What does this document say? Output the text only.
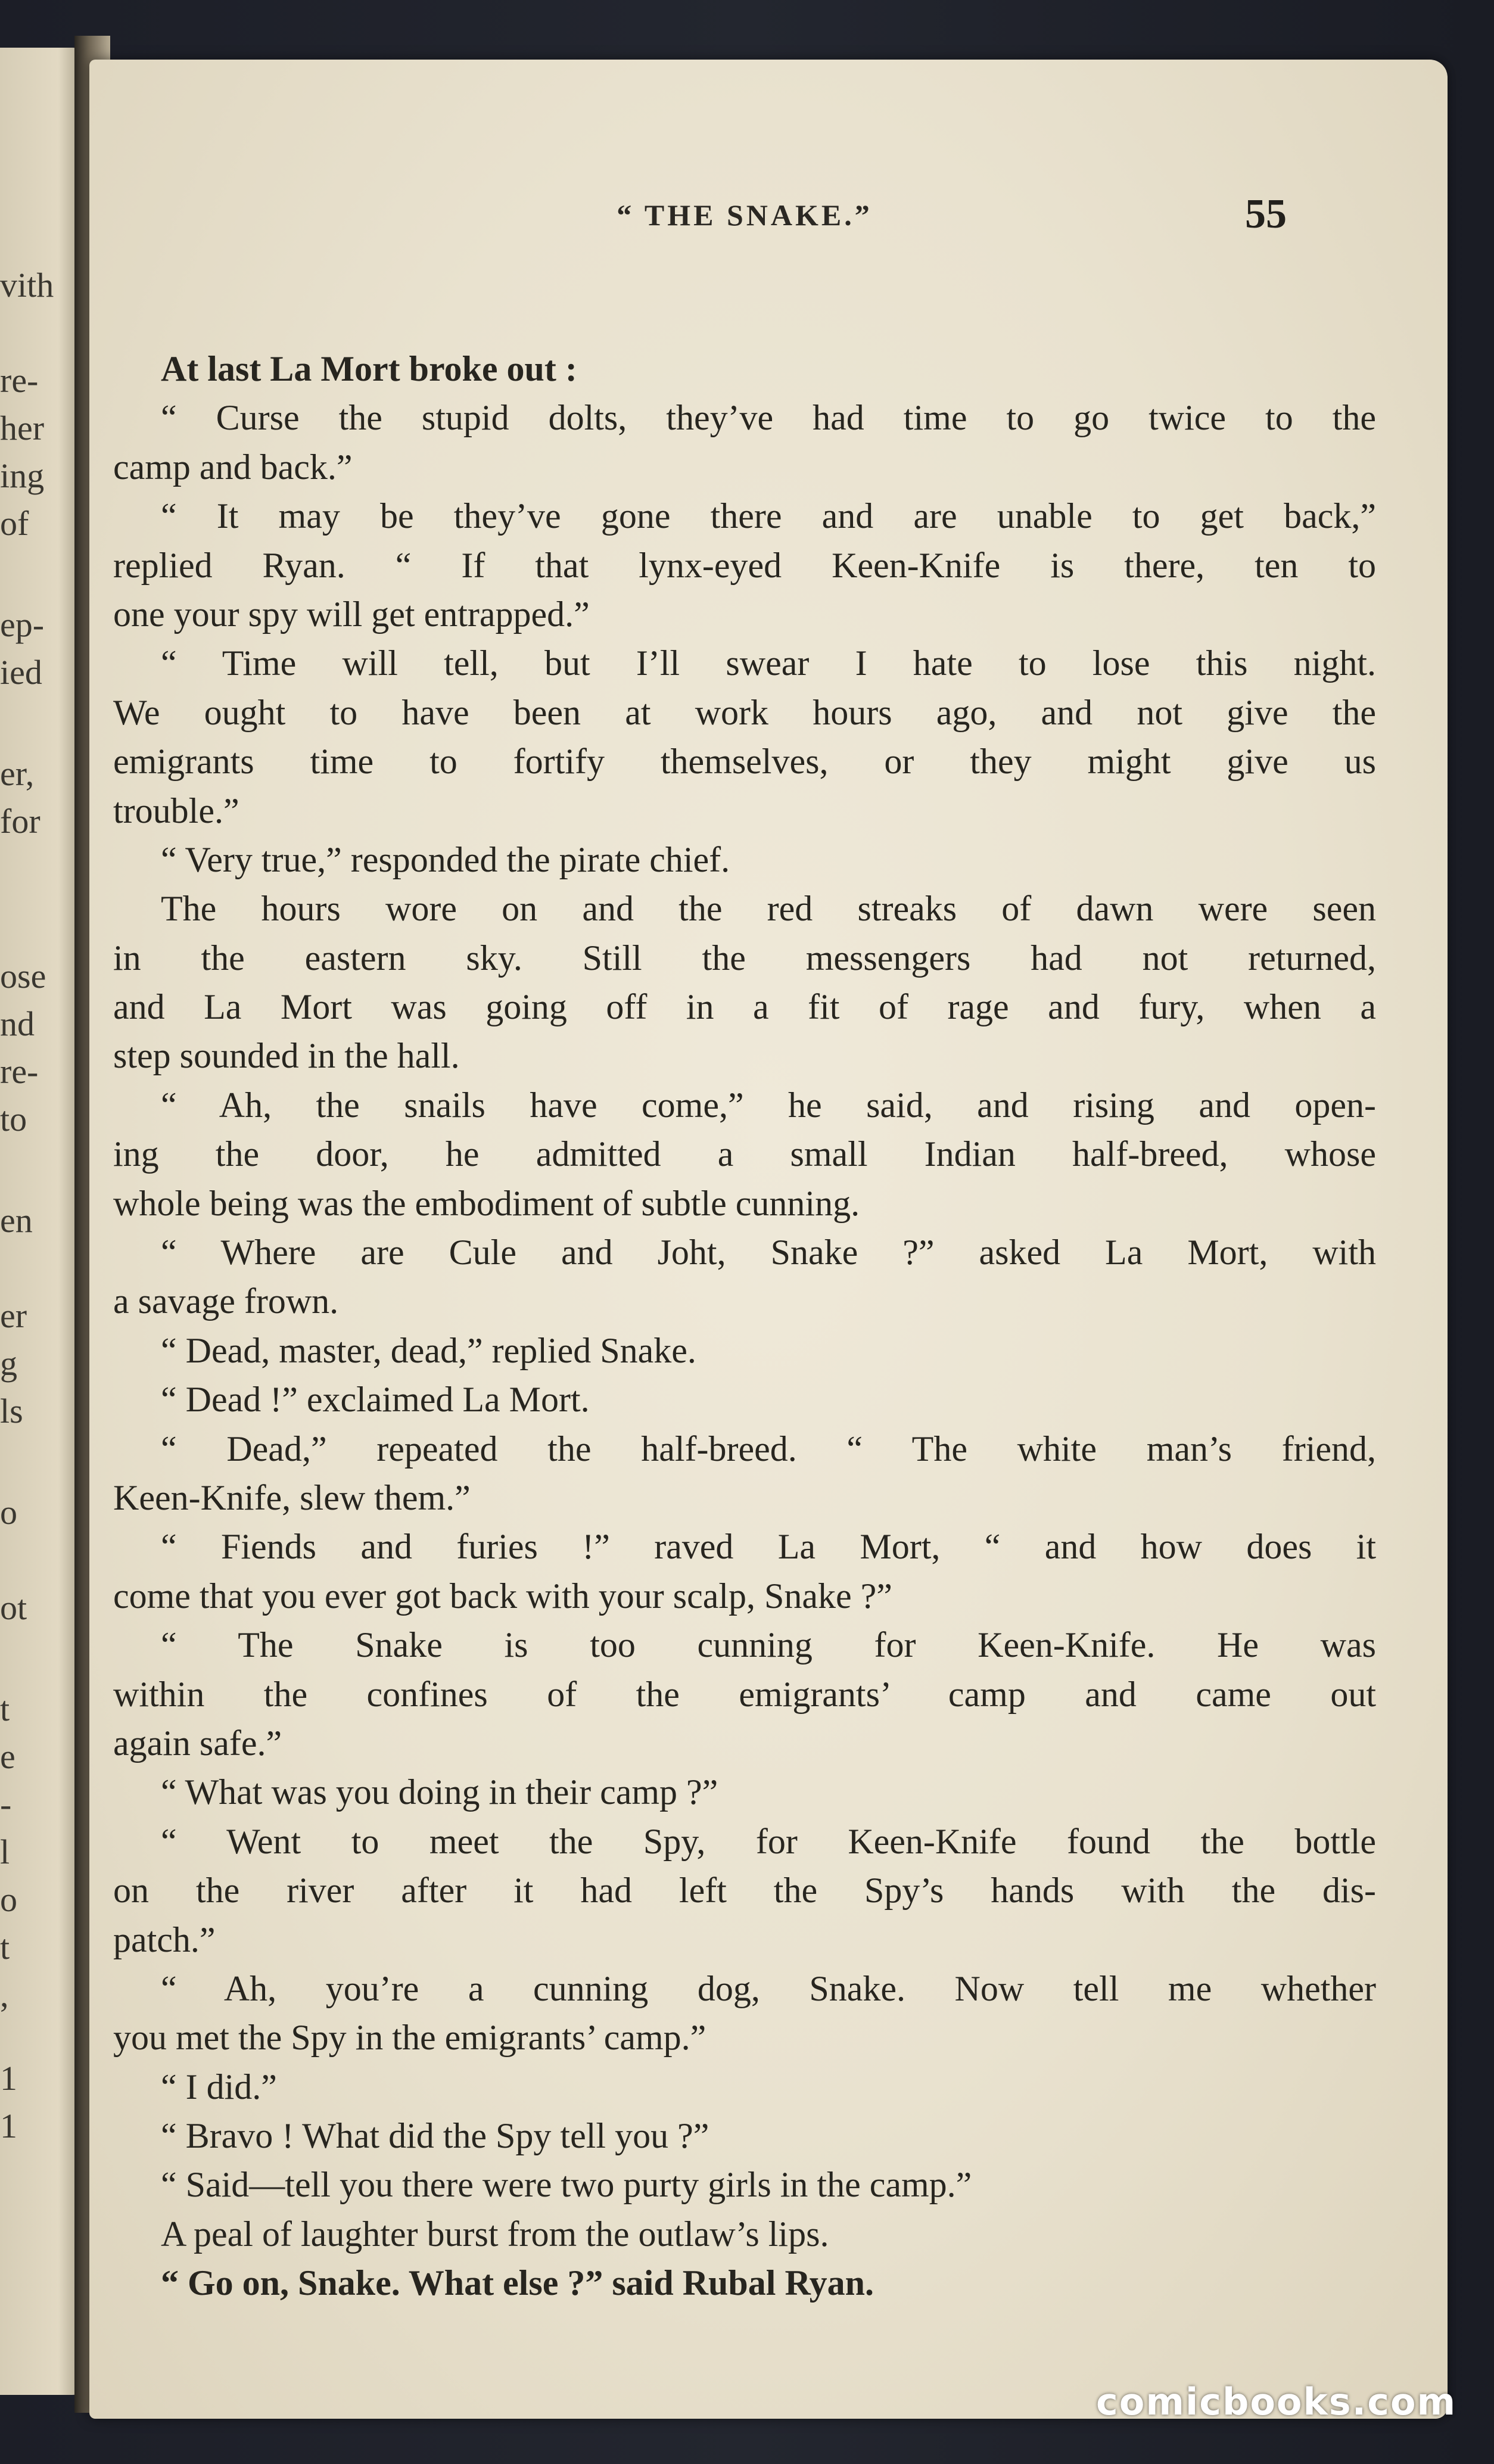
vith
re-
her
ing
of
ep-
ied
er,
for
ose
nd
re-
to
en
er
g
ls
o
ot
t
e
-
l
o
t
,
1
1
“ THE SNAKE.”	55
At last La Mort broke out :
“ Curse the stupid dolts, they’ve had time to go twice to the
camp and back.”
“ It may be they’ve gone there and are unable to get back,”
replied Ryan. “ If that lynx-eyed Keen-Knife is there, ten to
one your spy will get entrapped.”
“ Time will tell, but I’ll swear I hate to lose this night.
We ought to have been at work hours ago, and not give the
emigrants time to fortify themselves, or they might give us
trouble.”
“ Very true,” responded the pirate chief.
The hours wore on and the red streaks of dawn were seen
in the eastern sky. Still the messengers had not returned,
and La Mort was going off in a fit of rage and fury, when a
step sounded in the hall.
“ Ah, the snails have come,” he said, and rising and open-
ing the door, he admitted a small Indian half-breed, whose
whole being was the embodiment of subtle cunning.
“ Where are Cule and Joht, Snake ?” asked La Mort, with
a savage frown.
“ Dead, master, dead,” replied Snake.
“ Dead !” exclaimed La Mort.
“ Dead,” repeated the half-breed. “ The white man’s friend,
Keen-Knife, slew them.”
“ Fiends and furies !” raved La Mort, “ and how does it
come that you ever got back with your scalp, Snake ?”
“ The Snake is too cunning for Keen-Knife. He was
within the confines of the emigrants’ camp and came out
again safe.”
“ What was you doing in their camp ?”
“ Went to meet the Spy, for Keen-Knife found the bottle
on the river after it had left the Spy’s hands with the dis-
patch.”
“ Ah, you’re a cunning dog, Snake. Now tell me whether
you met the Spy in the emigrants’ camp.”
“ I did.”
“ Bravo ! What did the Spy tell you ?”
“ Said—tell you there were two purty girls in the camp.”
A peal of laughter burst from the outlaw’s lips.
“ Go on, Snake. What else ?” said Rubal Ryan.
comicbooks.com
